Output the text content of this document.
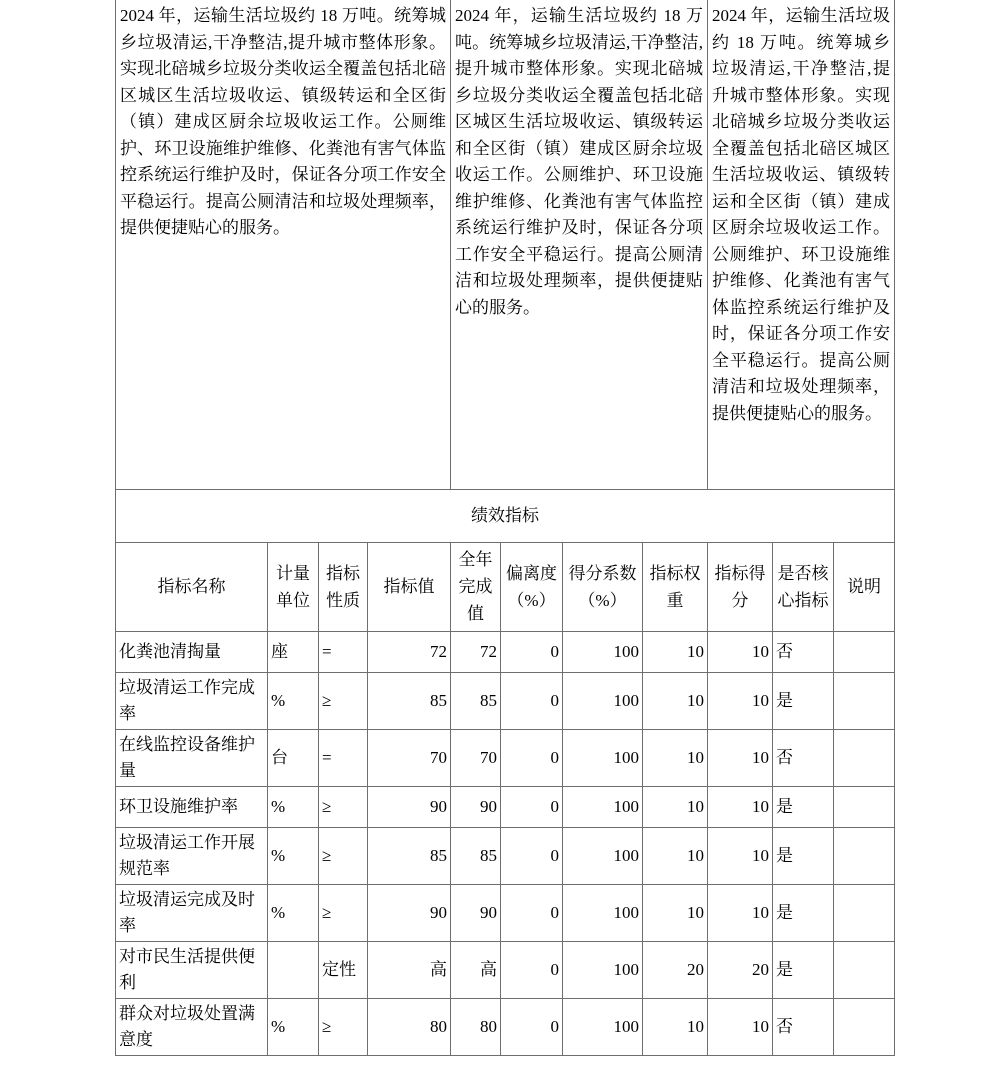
2024 年，运输生活垃圾约 18 万吨。统筹城乡垃圾清运,干净整洁,提升城市整体形象。实现北碚城乡垃圾分类收运全覆盖包括北碚区城区生活垃圾收运、镇级转运和全区街（镇）建成区厨余垃圾收运工作。公厕维护、环卫设施维护维修、化粪池有害气体监控系统运行维护及时，保证各分项工作安全平稳运行。提高公厕清洁和垃圾处理频率，提供便捷贴心的服务。				2024 年，运输生活垃圾约 18 万吨。统筹城乡垃圾清运,干净整洁,提升城市整体形象。实现北碚城乡垃圾分类收运全覆盖包括北碚区城区生活垃圾收运、镇级转运和全区街（镇）建成区厨余垃圾收运工作。公厕维护、环卫设施维护维修、化粪池有害气体监控系统运行维护及时，保证各分项工作安全平稳运行。提高公厕清洁和垃圾处理频率，提供便捷贴心的服务。				2024 年，运输生活垃圾约 18 万吨。统筹城乡垃圾清运,干净整洁,提升城市整体形象。实现北碚城乡垃圾分类收运全覆盖包括北碚区城区生活垃圾收运、镇级转运和全区街（镇）建成区厨余垃圾收运工作。公厕维护、环卫设施维护维修、化粪池有害气体监控系统运行维护及时，保证各分项工作安全平稳运行。提高公厕清洁和垃圾处理频率，提供便捷贴心的服务。		

绩效指标										
指标名称	计量单位	指标性质	指标值	全年完成值	偏离度（%）	得分系数（%）	指标权重	指标得分	是否核心指标	说明
化粪池清掏量	座	=	72	72	0	100	10	10	否	
垃圾清运工作完成率	%	≥	85	85	0	100	10	10	是	
在线监控设备维护量	台	=	70	70	0	100	10	10	否	
环卫设施维护率	%	≥	90	90	0	100	10	10	是	
垃圾清运工作开展规范率	%	≥	85	85	0	100	10	10	是	
垃圾清运完成及时率	%	≥	90	90	0	100	10	10	是	
对市民生活提供便利		定性	高	高	0	100	20	20	是	
群众对垃圾处置满意度	%	≥	80	80	0	100	10	10	否	
